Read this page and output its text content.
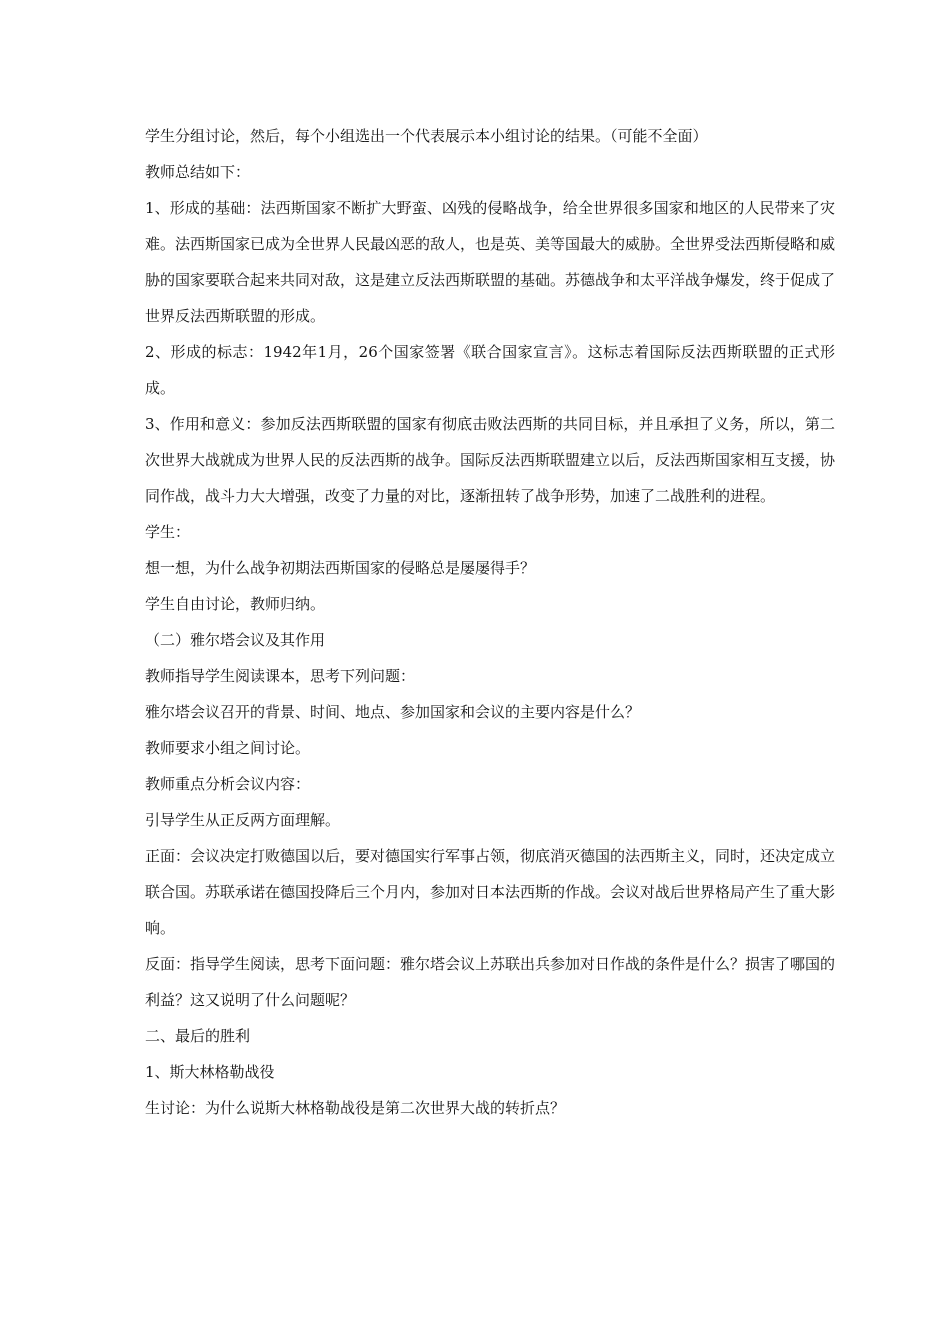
学生分组讨论，然后，每个小组选出一个代表展示本小组讨论的结果。（可能不全面）

教师总结如下：

1、形成的基础：法西斯国家不断扩大野蛮、凶残的侵略战争，给全世界很多国家和地区的人民带来了灾难。法西斯国家已成为全世界人民最凶恶的敌人，也是英、美等国最大的威胁。全世界受法西斯侵略和威胁的国家要联合起来共同对敌，这是建立反法西斯联盟的基础。苏德战争和太平洋战争爆发，终于促成了世界反法西斯联盟的形成。

2、形成的标志：1942年1月，26个国家签署《联合国家宣言》。这标志着国际反法西斯联盟的正式形成。

3、作用和意义：参加反法西斯联盟的国家有彻底击败法西斯的共同目标，并且承担了义务，所以，第二次世界大战就成为世界人民的反法西斯的战争。国际反法西斯联盟建立以后，反法西斯国家相互支援，协同作战，战斗力大大增强，改变了力量的对比，逐渐扭转了战争形势，加速了二战胜利的进程。

学生：

想一想，为什么战争初期法西斯国家的侵略总是屡屡得手？

学生自由讨论，教师归纳。

（二）雅尔塔会议及其作用

教师指导学生阅读课本，思考下列问题：

雅尔塔会议召开的背景、时间、地点、参加国家和会议的主要内容是什么？

教师要求小组之间讨论。

教师重点分析会议内容：

引导学生从正反两方面理解。

正面：会议决定打败德国以后，要对德国实行军事占领，彻底消灭德国的法西斯主义，同时，还决定成立联合国。苏联承诺在德国投降后三个月内，参加对日本法西斯的作战。会议对战后世界格局产生了重大影响。

反面：指导学生阅读，思考下面问题：雅尔塔会议上苏联出兵参加对日作战的条件是什么？损害了哪国的利益？这又说明了什么问题呢？

二、最后的胜利

1、斯大林格勒战役

生讨论：为什么说斯大林格勒战役是第二次世界大战的转折点？
